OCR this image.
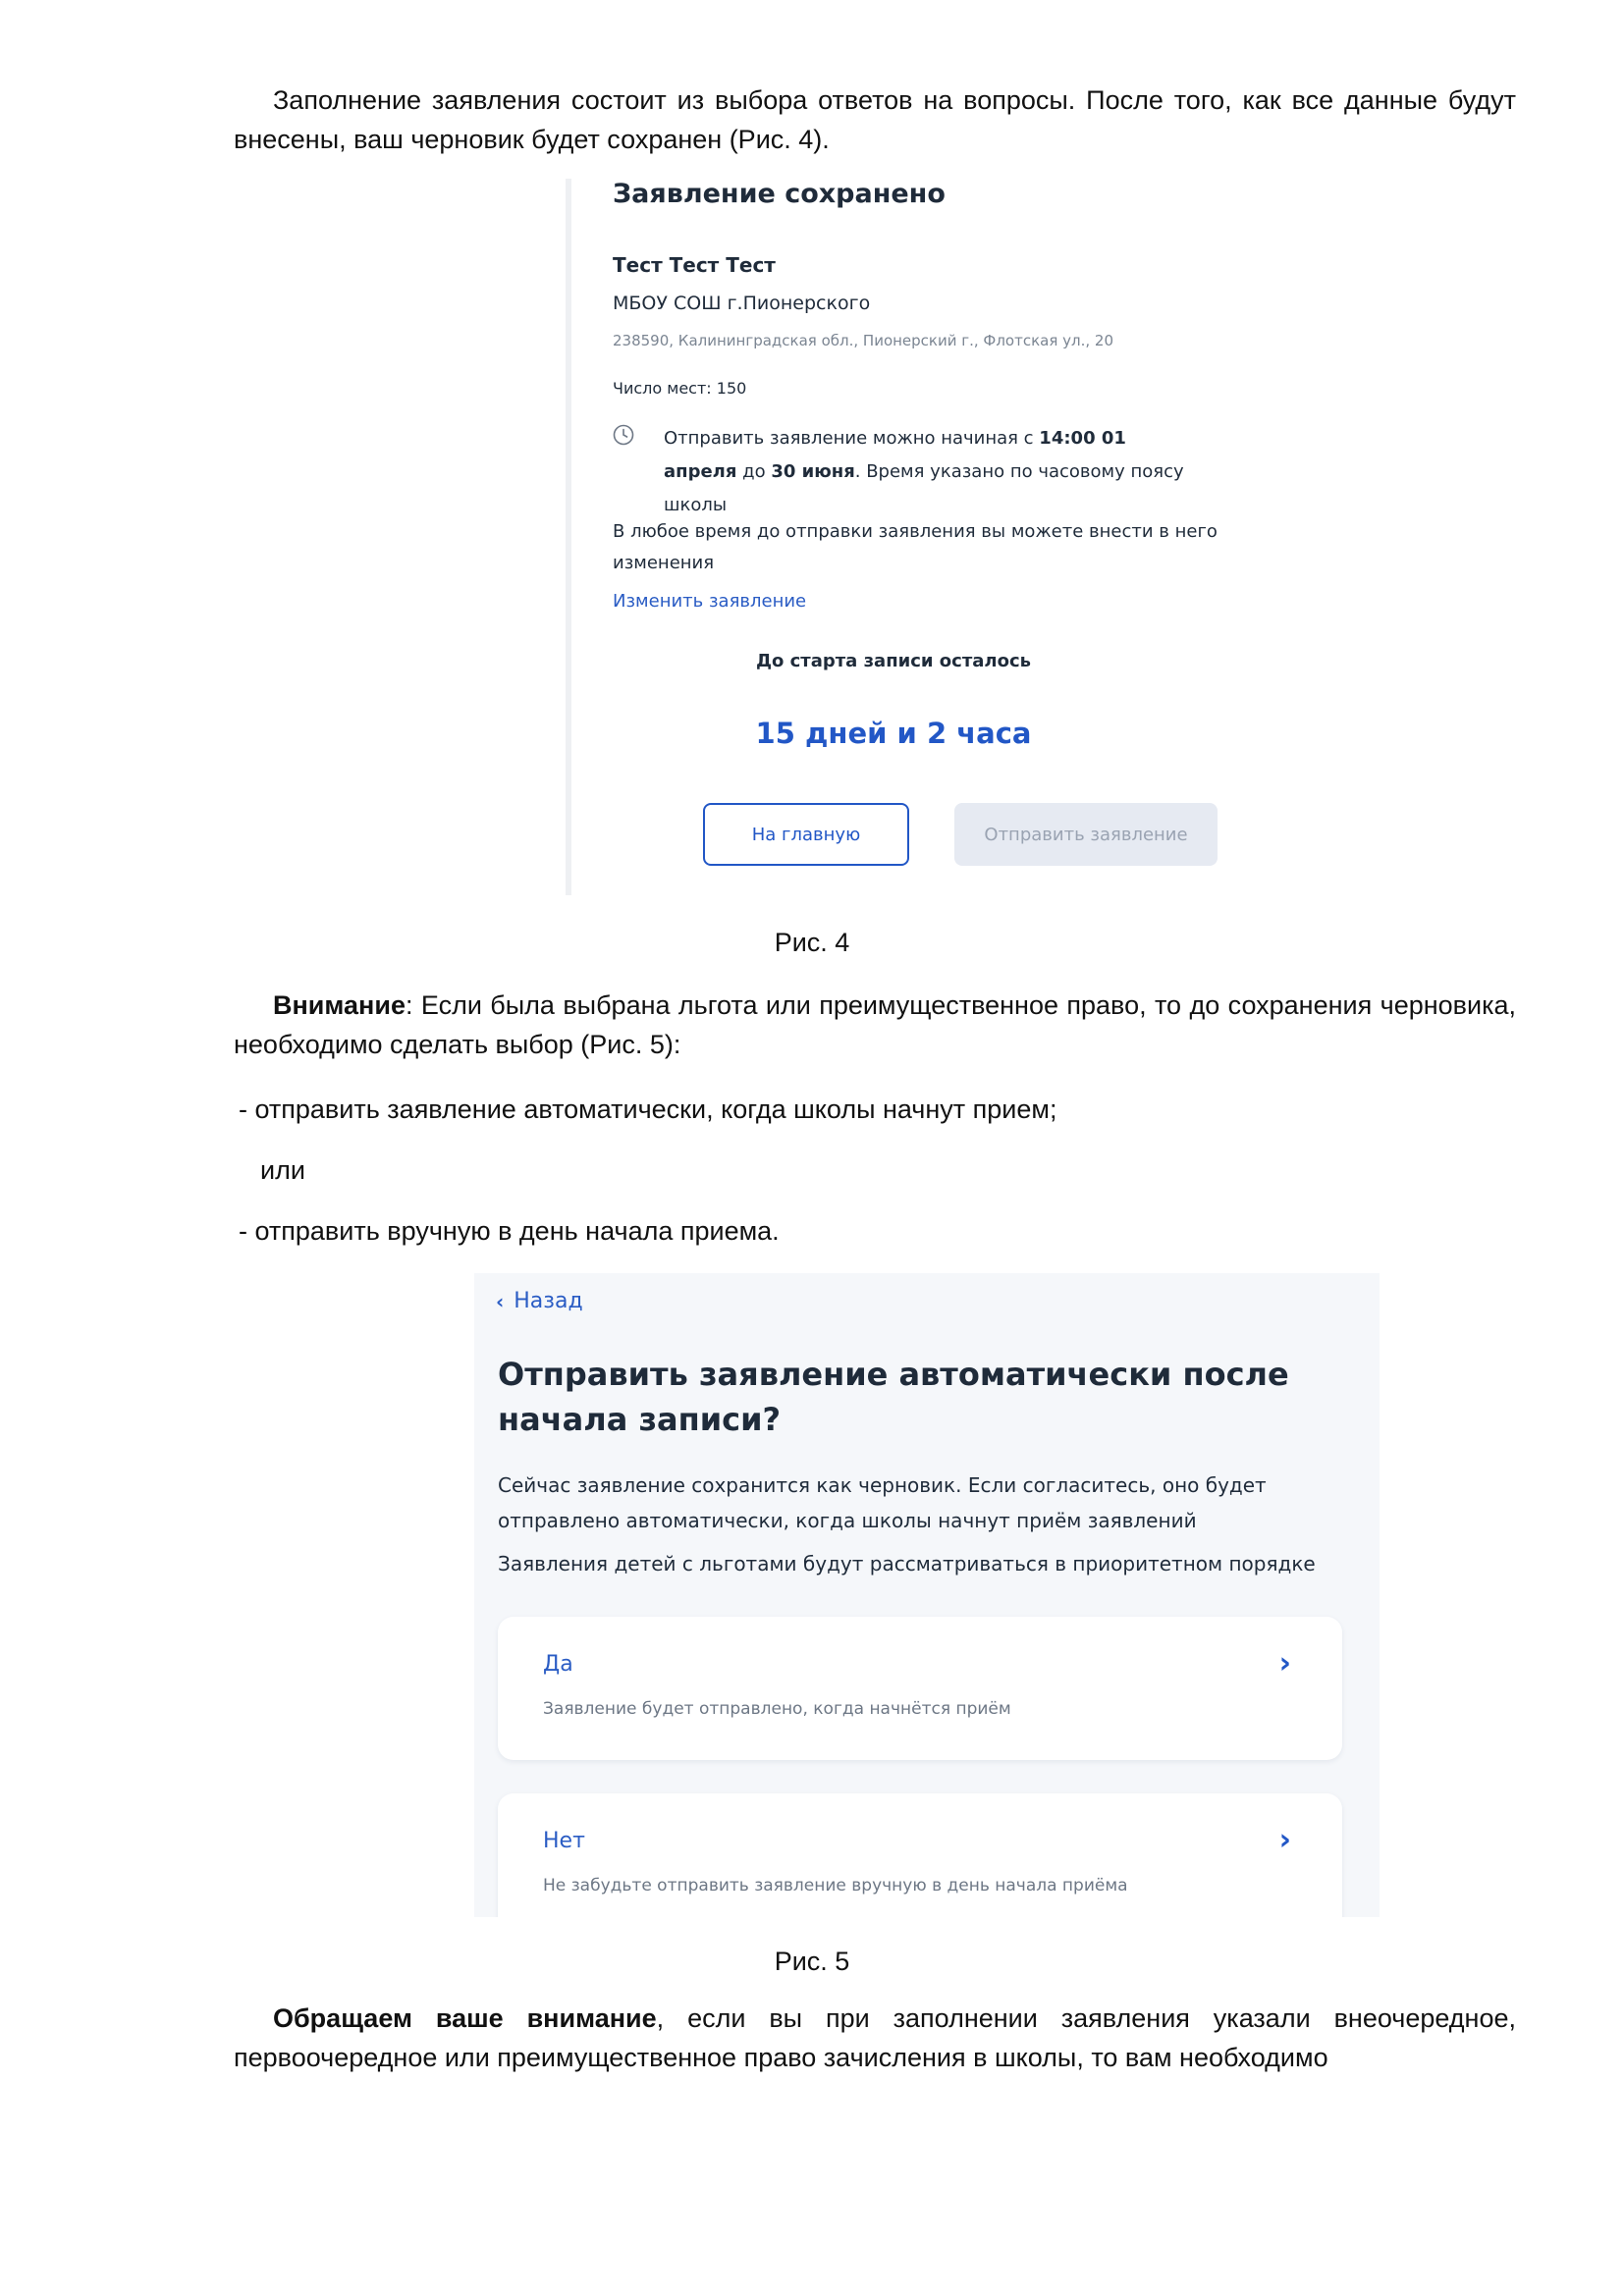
Заполнение заявления состоит из выбора ответов на вопросы. После того, как все данные будут внесены, ваш черновик будет сохранен (Рис. 4).

Заявление сохранено
Тест Тест Тест
МБОУ СОШ г.Пионерского
238590, Калининградская обл., Пионерский г., Флотская ул., 20
Число мест: 150
Отправить заявление можно начиная с 14:00 01 апреля до 30 июня. Время указано по часовому поясу школы
В любое время до отправки заявления вы можете внести в него изменения
Изменить заявление
До старта записи осталось
15 дней и 2 часа
На главную	Отправить заявление

Рис. 4

Внимание: Если была выбрана льгота или преимущественное право, то до сохранения черновика, необходимо сделать выбор (Рис. 5):

- отправить заявление автоматически, когда школы начнут прием;

или

- отправить вручную в день начала приема.

‹ Назад
Отправить заявление автоматически после начала записи?
Сейчас заявление сохранится как черновик. Если согласитесь, оно будет отправлено автоматически, когда школы начнут приём заявлений
Заявления детей с льготами будут рассматриваться в приоритетном порядке
Да
Заявление будет отправлено, когда начнётся приём
›
Нет
Не забудьте отправить заявление вручную в день начала приёма
›

Рис. 5

Обращаем ваше внимание, если вы при заполнении заявления указали внеочередное, первоочередное или преимущественное право зачисления в школы, то вам необходимо
